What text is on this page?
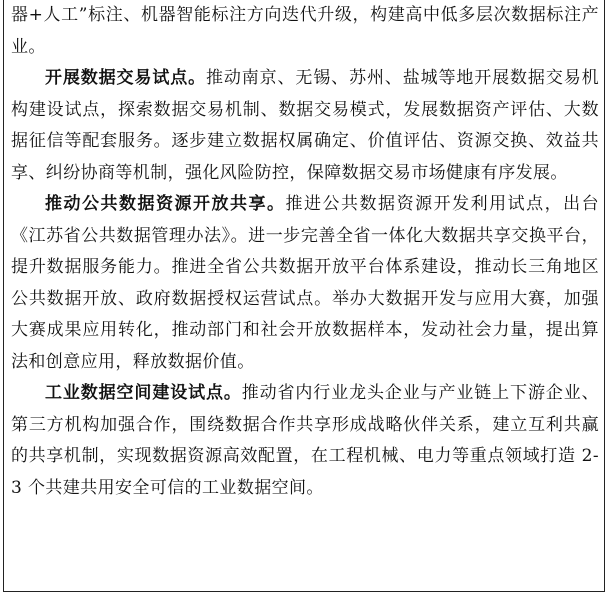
器+人工”标注、机器智能标注方向迭代升级，构建高中低多层次数据标注产业。

开展数据交易试点。推动南京、无锡、苏州、盐城等地开展数据交易机构建设试点，探索数据交易机制、数据交易模式，发展数据资产评估、大数据征信等配套服务。逐步建立数据权属确定、价值评估、资源交换、效益共享、纠纷协商等机制，强化风险防控，保障数据交易市场健康有序发展。

推动公共数据资源开放共享。推进公共数据资源开发利用试点，出台《江苏省公共数据管理办法》。进一步完善全省一体化大数据共享交换平台，提升数据服务能力。推进全省公共数据开放平台体系建设，推动长三角地区公共数据开放、政府数据授权运营试点。举办大数据开发与应用大赛，加强大赛成果应用转化，推动部门和社会开放数据样本，发动社会力量，提出算法和创意应用，释放数据价值。

工业数据空间建设试点。推动省内行业龙头企业与产业链上下游企业、第三方机构加强合作，围绕数据合作共享形成战略伙伴关系，建立互利共赢的共享机制，实现数据资源高效配置，在工程机械、电力等重点领域打造 2-3 个共建共用安全可信的工业数据空间。
